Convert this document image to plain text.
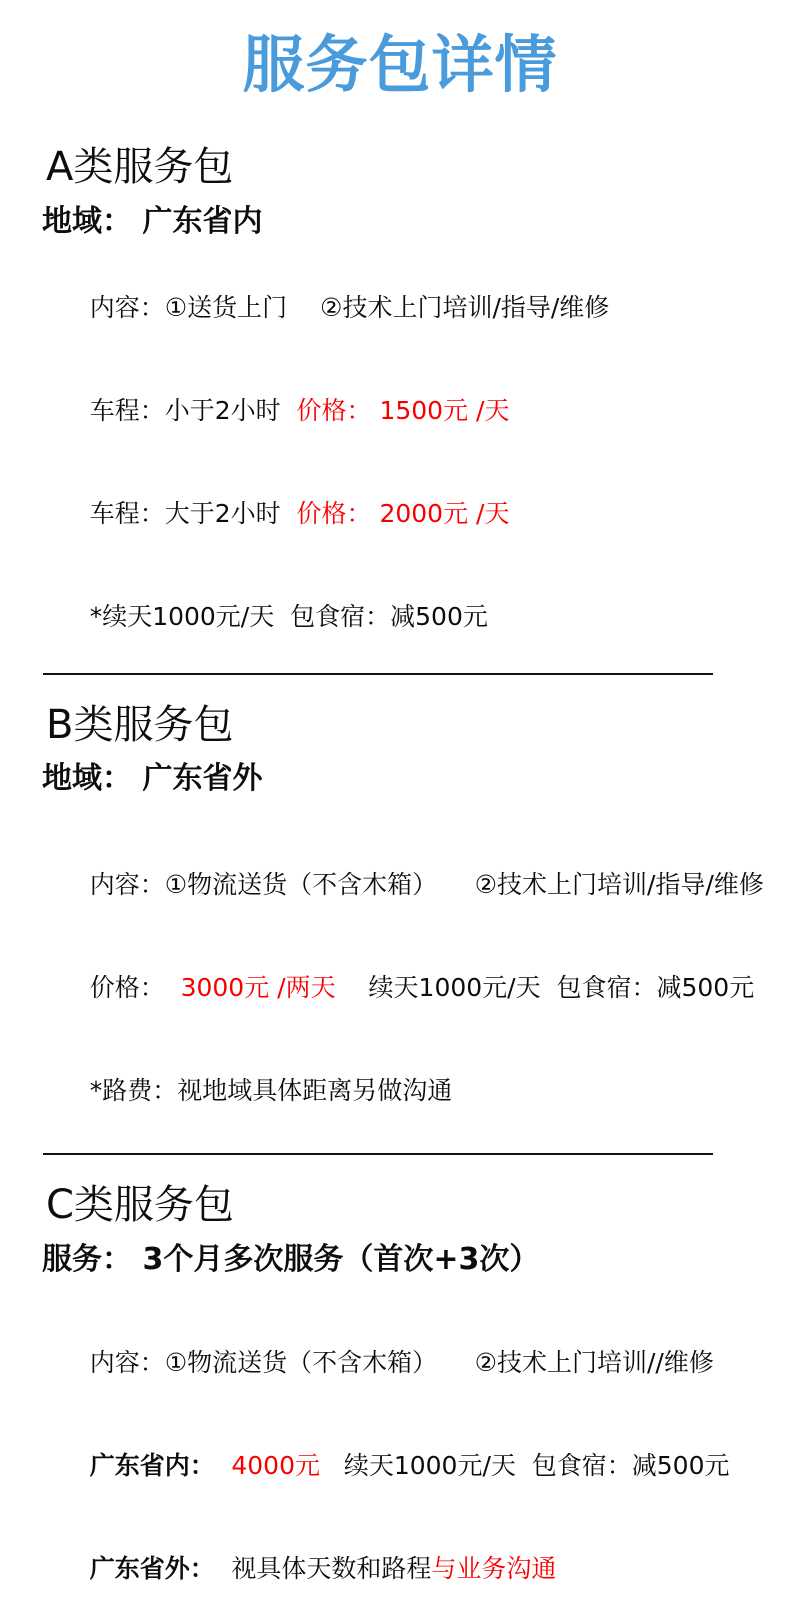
服务包详情
A类服务包
地域： 广东省内

内容：①送货上门　 ②技术上门培训/指导/维修

车程：小于2小时  价格： 1500元 /天

车程：大于2小时  价格： 2000元 /天

*续天1000元/天  包食宿：减500元

B类服务包
地域： 广东省外

内容：①物流送货（不含木箱）　　②技术上门培训/指导/维修

价格：  3000元 /两天　 续天1000元/天  包食宿：减500元

*路费：视地域具体距离另做沟通

C类服务包
服务： 3个月多次服务（首次+3次）

内容：①物流送货（不含木箱）　　②技术上门培训//维修

广东省内：  4000元   续天1000元/天  包食宿：减500元

广东省外：  视具体天数和路程与业务沟通
